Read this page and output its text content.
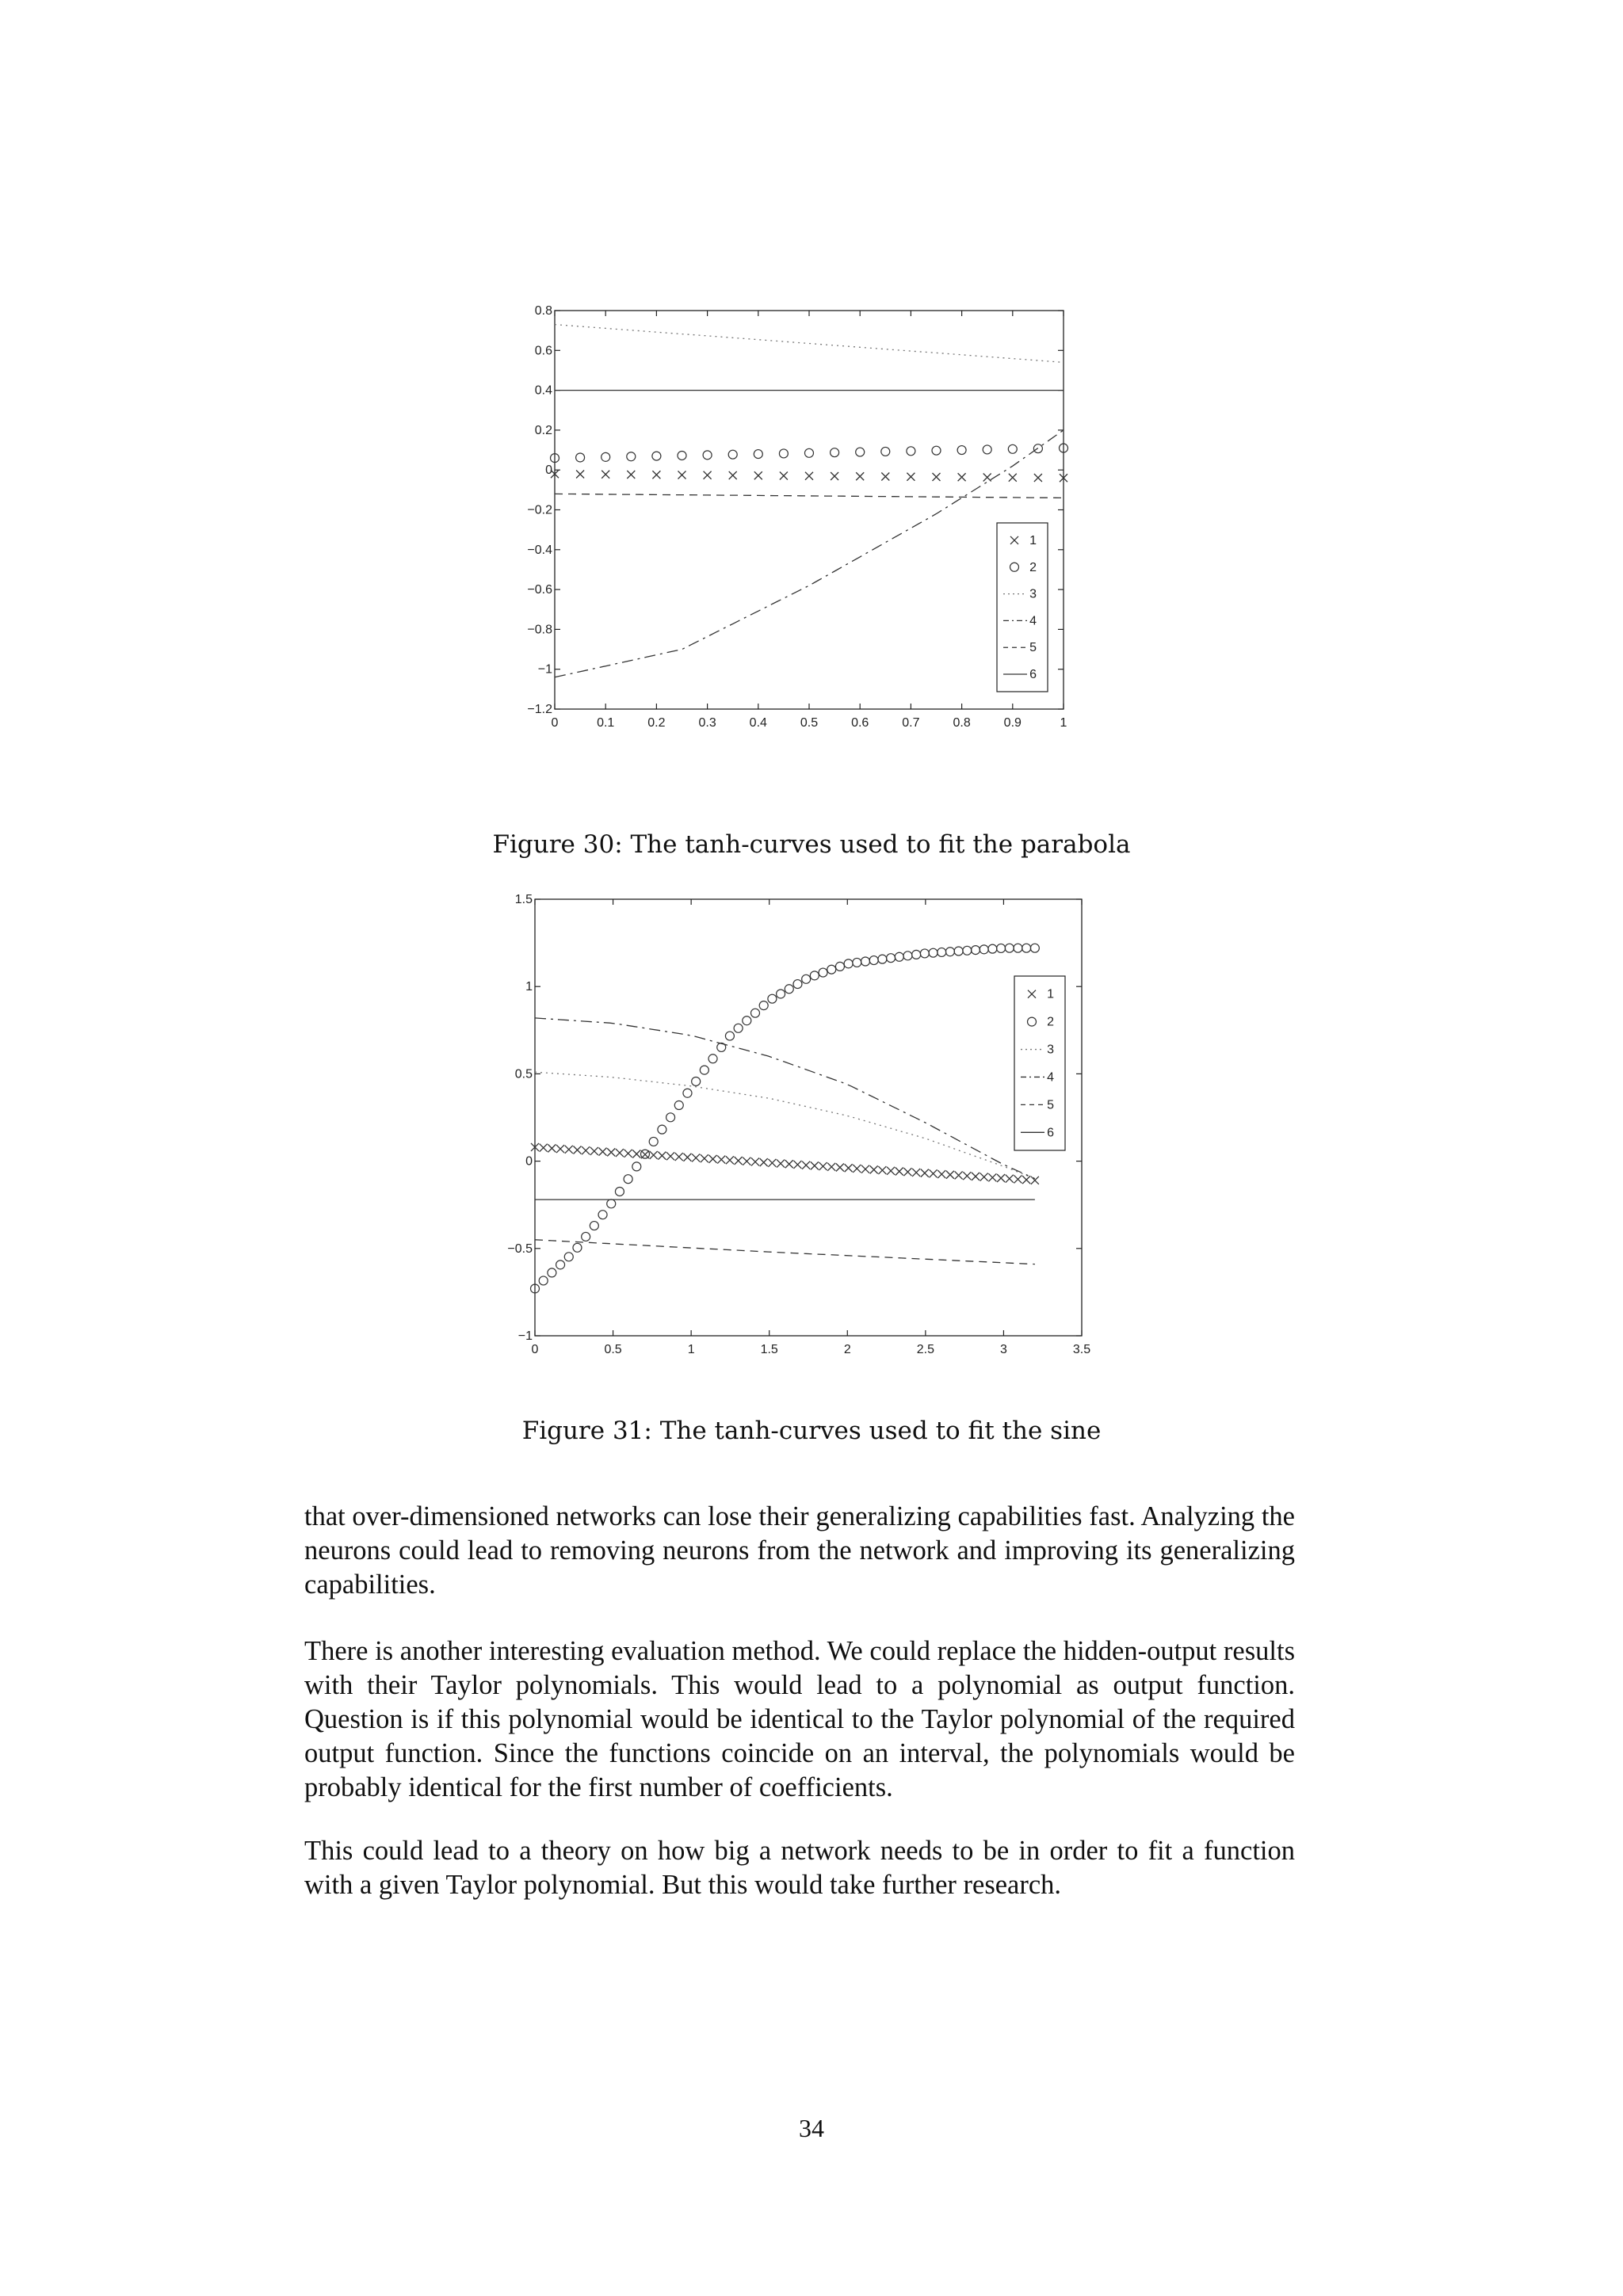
0	0.1	0.2	0.3	0.4	0.5	0.6	0.7	0.8	0.9	1
0.8
0.6
0.4
0.2
0
−0.2
−0.4
−0.6
−0.8
−1
−1.2
1
2
3
4
5
6
Figure 30: The tanh-curves used to fit the parabola
0	0.5	1	1.5	2	2.5	3	3.5
1.5
1
0.5
0
−0.5
−1
1
2
3
4
5
6
Figure 31: The tanh-curves used to fit the sine

that over-dimensioned networks can lose their generalizing capabilities fast. Analyzing the neurons could lead to removing neurons from the network and improving its generalizing capabilities.

There is another interesting evaluation method. We could replace the hidden-output results with their Taylor polynomials. This would lead to a polynomial as output function. Question is if this polynomial would be identical to the Taylor polynomial of the required output function. Since the functions coincide on an interval, the polynomials would be probably identical for the first number of coefficients.

This could lead to a theory on how big a network needs to be in order to fit a function with a given Taylor polynomial. But this would take further research.

34
